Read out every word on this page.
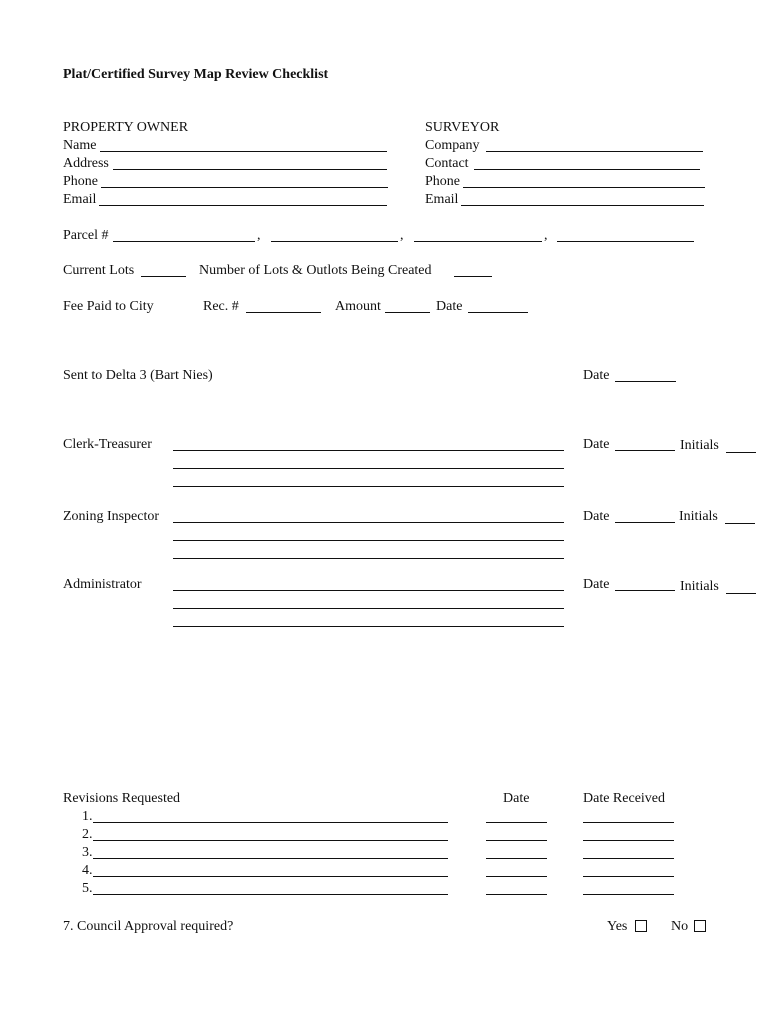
Plat/Certified Survey Map Review Checklist
PROPERTY OWNER
Name
Address
Phone
Email
SURVEYOR
Company
Contact
Phone
Email
Parcel #	,	,	,
Current Lots	Number of Lots & Outlots Being Created
Fee Paid to City	Rec. #	Amount	Date
Sent to Delta 3 (Bart Nies)	Date
Clerk-Treasurer	Date	Initials
Zoning Inspector	Date	Initials
Administrator	Date	Initials
Revisions Requested	Date	Date Received
1.
2.
3.
4.
5.
7. Council Approval required?	Yes	No
